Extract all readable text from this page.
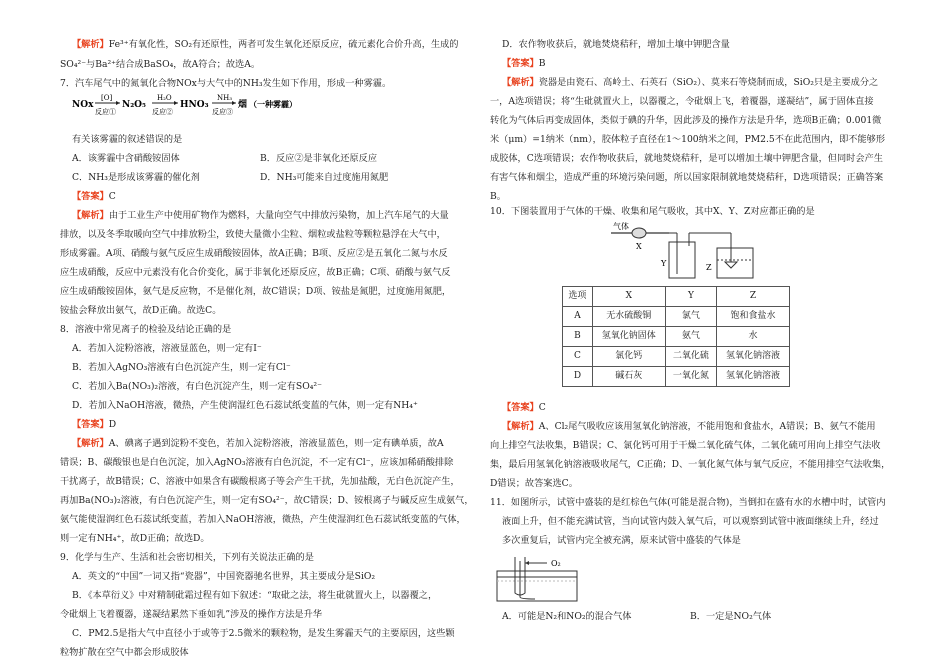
【解析】Fe³⁺有氧化性，SO₂有还原性，两者可发生氧化还原反应，硫元素化合价升高，生成的
SO₄²⁻与Ba²⁺结合成BaSO₄，故A符合；故选A。
7．汽车尾气中的氮氧化合物NOx与大气中的NH₃发生如下作用，形成一种雾霾。
NOx
[O]
反应①
N₂O₅
H₂O
反应②
HNO₃
NH₃
反应③
烟 （一种雾霾）
有关该雾霾的叙述错误的是
A．该雾霾中含硝酸铵固体	B．反应②是非氧化还原反应
C．NH₃是形成该雾霾的催化剂	D．NH₃可能来自过度施用氮肥
【答案】C
【解析】由于工业生产中使用矿物作为燃料，大量向空气中排放污染物，加上汽车尾气的大量
排放，以及冬季取暖向空气中排放粉尘，致使大量微小尘粒、烟粒或盐粒等颗粒悬浮在大气中，
形成雾霾。A项、硝酸与氨气反应生成硝酸铵固体，故A正确；B项、反应②是五氧化二氮与水反
应生成硝酸，反应中元素没有化合价变化，属于非氧化还原反应，故B正确；C项、硝酸与氨气反
应生成硝酸铵固体，氨气是反应物，不是催化剂，故C错误；D项、铵盐是氮肥，过度施用氮肥，
铵盐会释放出氨气，故D正确。故选C。
8．溶液中常见离子的检验及结论正确的是
A．若加入淀粉溶液，溶液显蓝色，则一定有I⁻
B．若加入AgNO₃溶液有白色沉淀产生，则一定有Cl⁻
C．若加入Ba(NO₃)₂溶液，有白色沉淀产生，则一定有SO₄²⁻
D．若加入NaOH溶液，微热，产生使润湿红色石蕊试纸变蓝的气体，则一定有NH₄⁺
【答案】D
【解析】A、碘离子遇到淀粉不变色，若加入淀粉溶液，溶液显蓝色，则一定有碘单质，故A
错误；B、碳酸银也是白色沉淀，加入AgNO₃溶液有白色沉淀，不一定有Cl⁻，应该加稀硝酸排除
干扰离子，故B错误；C、溶液中如果含有碳酸根离子等会产生干扰，先加盐酸，无白色沉淀产生，
再加Ba(NO₃)₂溶液，有白色沉淀产生，则一定有SO₄²⁻，故C错误；D、铵根离子与碱反应生成氨气，
氨气能使湿润红色石蕊试纸变蓝，若加入NaOH溶液，微热，产生使湿润红色石蕊试纸变蓝的气体，
则一定有NH₄⁺，故D正确；故选D。
9．化学与生产、生活和社会密切相关，下列有关说法正确的是
A．英文的“中国”一词又指“瓷器”，中国瓷器驰名世界，其主要成分是SiO₂
B．《本草衍义》中对精制砒霜过程有如下叙述：“取砒之法，将生砒就置火上，以器覆之，
令砒烟上飞着覆器，遂凝结累然下垂如乳”涉及的操作方法是升华
C．PM2.5是指大气中直径小于或等于2.5微米的颗粒物，是发生雾霾天气的主要原因，这些颗
粒物扩散在空气中都会形成胶体
D．农作物收获后，就地焚烧秸秆，增加土壤中钾肥含量
【答案】B
【解析】瓷器是由瓷石、高岭土、石英石（SiO₂）、莫来石等烧制而成，SiO₂只是主要成分之
一，A选项错误；将“生砒就置火上，以器覆之，令砒烟上飞，着覆器，遂凝结”，属于固体直接
转化为气体后再变成固体，类似于碘的升华，因此涉及的操作方法是升华，选项B正确；0.001微
米（μm）=1纳米（nm），胶体粒子直径在1～100纳米之间，PM2.5不在此范围内，即不能够形
成胶体，C选项错误；农作物收获后，就地焚烧秸秆，是可以增加土壤中钾肥含量，但同时会产生
有害气体和烟尘，造成严重的环境污染问题，所以国家限制就地焚烧秸秆，D选项错误；正确答案
B。
10．下图装置用于气体的干燥、收集和尾气吸收，其中X、Y、Z对应都正确的是
气体
X
Y	Z
选项	X	Y	Z
A	无水硫酸铜	氯气	饱和食盐水
B	氢氧化钠固体	氨气	水
C	氯化钙	二氧化硫	氢氧化钠溶液
D	碱石灰	一氧化氮	氢氧化钠溶液
【答案】C
【解析】A、Cl₂尾气吸收应该用氢氧化钠溶液，不能用饱和食盐水，A错误；B、氨气不能用
向上排空气法收集，B错误；C、氯化钙可用于干燥二氧化硫气体，二氧化硫可用向上排空气法收
集，最后用氢氧化钠溶液吸收尾气，C正确；D、一氧化氮气体与氧气反应，不能用排空气法收集，
D错误；故答案选C。
11．如图所示，试管中盛装的是红棕色气体(可能是混合物)，当倒扣在盛有水的水槽中时，试管内
液面上升，但不能充满试管，当向试管内鼓入氧气后，可以观察到试管中液面继续上升，经过
多次重复后，试管内完全被充满，原来试管中盛装的气体是
O₂
A．可能是N₂和NO₂的混合气体	B．一定是NO₂气体
